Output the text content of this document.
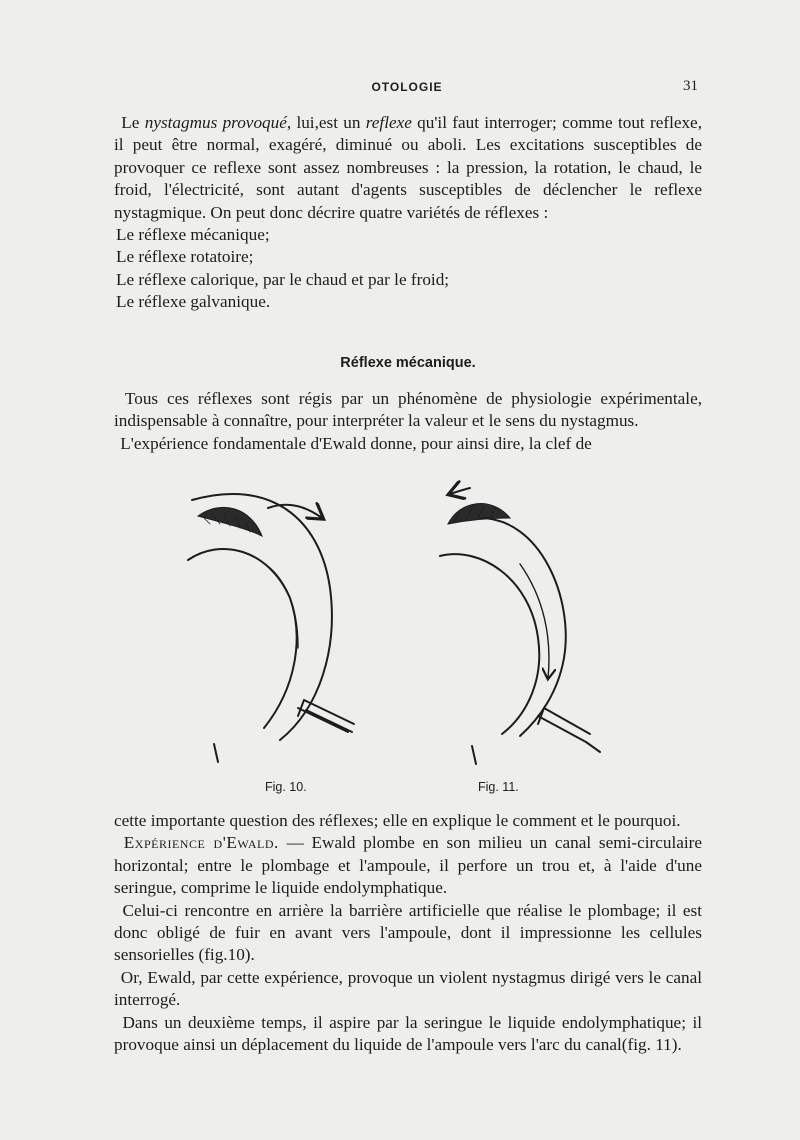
OTOLOGIE	31

Le nystagmus provoqué, lui,est un reflexe qu'il faut interroger; comme tout reflexe, il peut être normal, exagéré, diminué ou aboli. Les excitations susceptibles de provoquer ce reflexe sont assez nombreuses : la pression, la rotation, le chaud, le froid, l'électricité, sont autant d'agents susceptibles de déclencher le reflexe nystagmique. On peut donc décrire quatre variétés de réflexes :

Le réflexe mécanique;

Le réflexe rotatoire;

Le réflexe calorique, par le chaud et par le froid;

Le réflexe galvanique.

Réflexe mécanique.

Tous ces réflexes sont régis par un phénomène de physiologie expérimentale, indispensable à connaître, pour interpréter la valeur et le sens du nystagmus.

L'expérience fondamentale d'Ewald donne, pour ainsi dire, la clef de

Fig. 10.	Fig. 11.

cette importante question des réflexes; elle en explique le comment et le pourquoi.

Expérience d'Ewald. — Ewald plombe en son milieu un canal semi-circulaire horizontal; entre le plombage et l'ampoule, il perfore un trou et, à l'aide d'une seringue, comprime le liquide endolymphatique.

Celui-ci rencontre en arrière la barrière artificielle que réalise le plombage; il est donc obligé de fuir en avant vers l'ampoule, dont il impressionne les cellules sensorielles (fig.10).

Or, Ewald, par cette expérience, provoque un violent nystagmus dirigé vers le canal interrogé.

Dans un deuxième temps, il aspire par la seringue le liquide endolymphatique; il provoque ainsi un déplacement du liquide de l'ampoule vers l'arc du canal(fig. 11).
